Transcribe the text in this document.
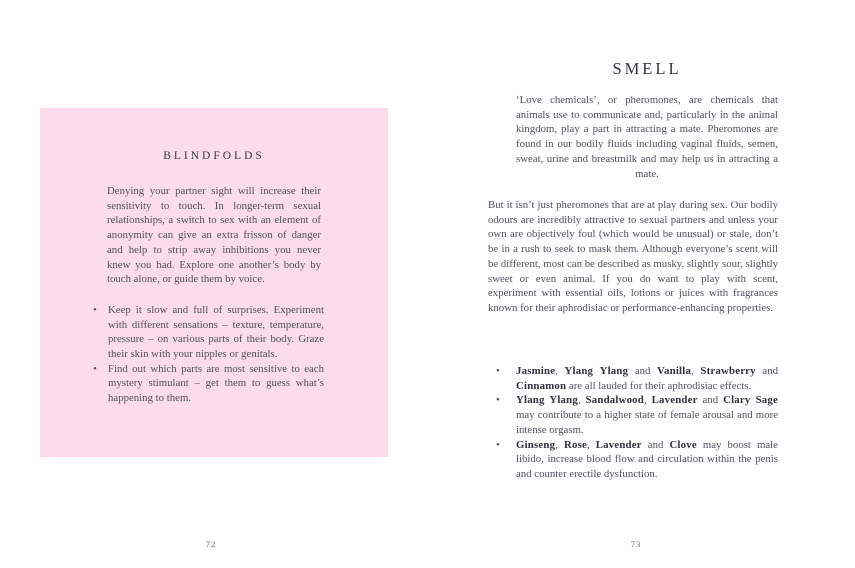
BLINDFOLDS

Denying your partner sight will increase their sensitivity to touch. In longer-term sexual relationships, a switch to sex with an element of anonymity can give an extra frisson of danger and help to strip away inhibitions you never knew you had. Explore one another’s body by touch alone, or guide them by voice.

• Keep it slow and full of surprises. Experiment with different sensations – texture, temperature, pressure – on various parts of their body. Graze their skin with your nipples or genitals.
• Find out which parts are most sensitive to each mystery stimulant – get them to guess what’s happening to them.
72
SMELL

‘Love chemicals’, or pheromones, are chemicals that animals use to communicate and, particularly in the animal kingdom, play a part in attracting a mate. Pheromones are found in our bodily fluids including vaginal fluids, semen, sweat, urine and breastmilk and may help us in attracting a mate.

But it isn’t just pheromones that are at play during sex. Our bodily odours are incredibly attractive to sexual partners and unless your own are objectively foul (which would be unusual) or stale, don’t be in a rush to seek to mask them. Although everyone’s scent will be different, most can be described as musky, slightly sour, slightly sweet or even animal. If you do want to play with scent, experiment with essential oils, lotions or juices with fragrances known for their aphrodisiac or performance-enhancing properties.

• Jasmine, Ylang Ylang and Vanilla, Strawberry and Cinnamon are all lauded for their aphrodisiac effects.
• Ylang Ylang, Sandalwood, Lavender and Clary Sage may contribute to a higher state of female arousal and more intense orgasm.
• Ginseng, Rose, Lavender and Clove may boost male libido, increase blood flow and circulation within the penis and counter erectile dysfunction.
73
